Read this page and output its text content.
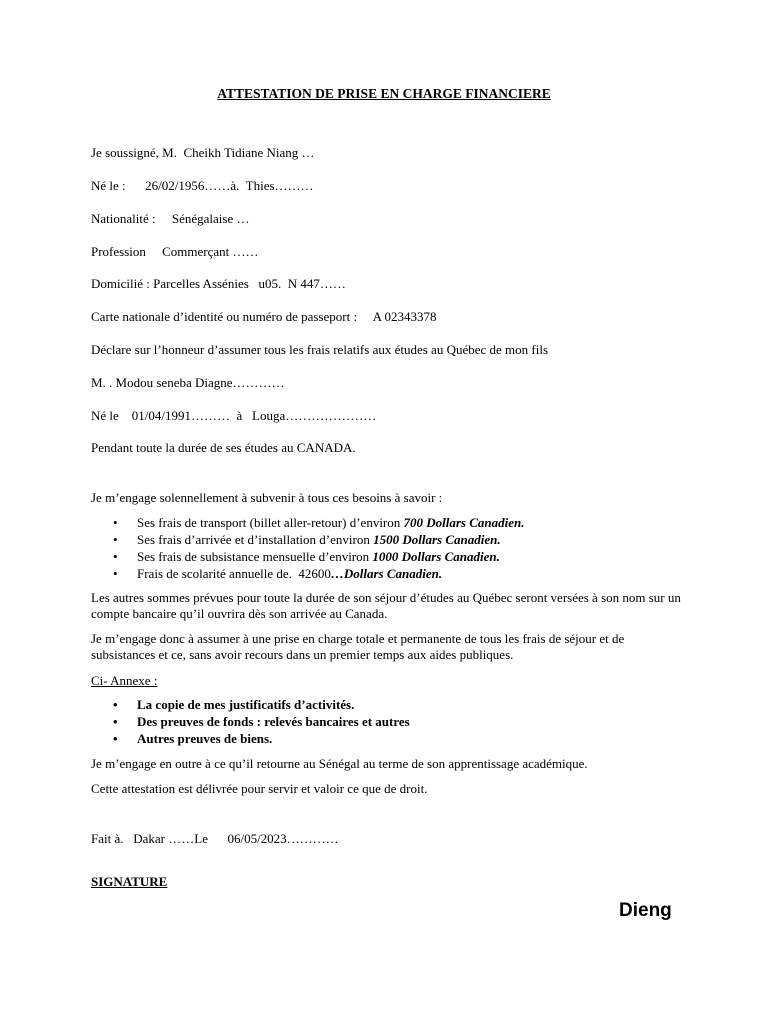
ATTESTATION DE PRISE EN CHARGE FINANCIERE
Je soussigné, M.  Cheikh Tidiane Niang …
Né le :      26/02/1956……à.  Thies………
Nationalité :     Sénégalaise …
Profession     Commerçant ……
Domicilié : Parcelles Assénies   u05.  N 447……
Carte nationale d’identité ou numéro de passeport :     A 02343378
Déclare sur l’honneur d’assumer tous les frais relatifs aux études au Québec de mon fils
M. . Modou seneba Diagne…………
Né le    01/04/1991………  à   Louga…………………
Pendant toute la durée de ses études au CANADA.
Je m’engage solennellement à subvenir à tous ces besoins à savoir :
• Ses frais de transport (billet aller-retour) d’environ 700 Dollars Canadien.
• Ses frais d’arrivée et d’installation d’environ 1500 Dollars Canadien.
• Ses frais de subsistance mensuelle d’environ 1000 Dollars Canadien.
• Frais de scolarité annuelle de.  42600…Dollars Canadien.
Les autres sommes prévues pour toute la durée de son séjour d’études au Québec seront versées à son nom sur un compte bancaire qu’il ouvrira dès son arrivée au Canada.
Je m’engage donc à assumer à une prise en charge totale et permanente de tous les frais de séjour et de subsistances et ce, sans avoir recours dans un premier temps aux aides publiques.
Ci- Annexe :
• La copie de mes justificatifs d’activités.
• Des preuves de fonds : relevés bancaires et autres
• Autres preuves de biens.
Je m’engage en outre à ce qu’il retourne au Sénégal au terme de son apprentissage académique.
Cette attestation est délivrée pour servir et valoir ce que de droit.
Fait à.   Dakar ……Le      06/05/2023…………
SIGNATURE
Dieng
